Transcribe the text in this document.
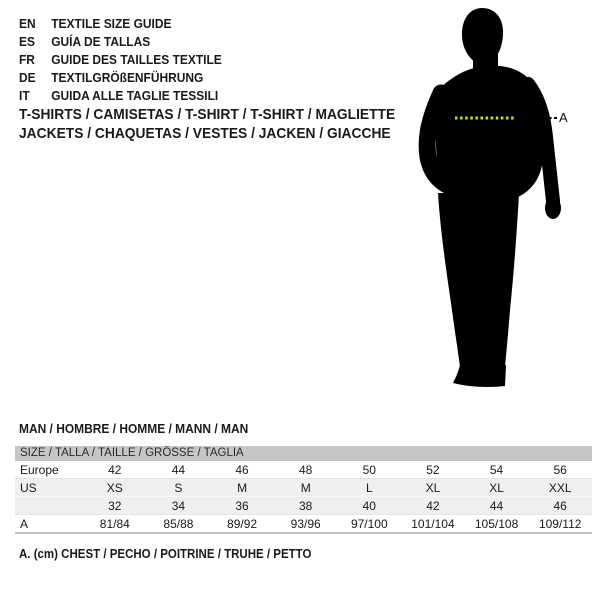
EN	TEXTILE SIZE GUIDE
ES	GUÍA DE TALLAS
FR	GUIDE DES TAILLES TEXTILE
DE	TEXTILGRÖßENFÜHRUNG
IT	GUIDA ALLE TAGLIE TESSILI
T-SHIRTS / CAMISETAS / T-SHIRT / T-SHIRT / MAGLIETTE
JACKETS / CHAQUETAS / VESTES / JACKEN / GIACCHE
A
MAN / HOMBRE / HOMME / MANN / MAN
SIZE / TALLA / TAILLE / GRÖSSE / TAGLIA
Europe	42	44	46	48	50	52	54	56
US	XS	S	M	M	L	XL	XL	XXL
	32	34	36	38	40	42	44	46
A	81/84	85/88	89/92	93/96	97/100	101/104	105/108	109/112
A. (cm) CHEST / PECHO / POITRINE / TRUHE / PETTO
